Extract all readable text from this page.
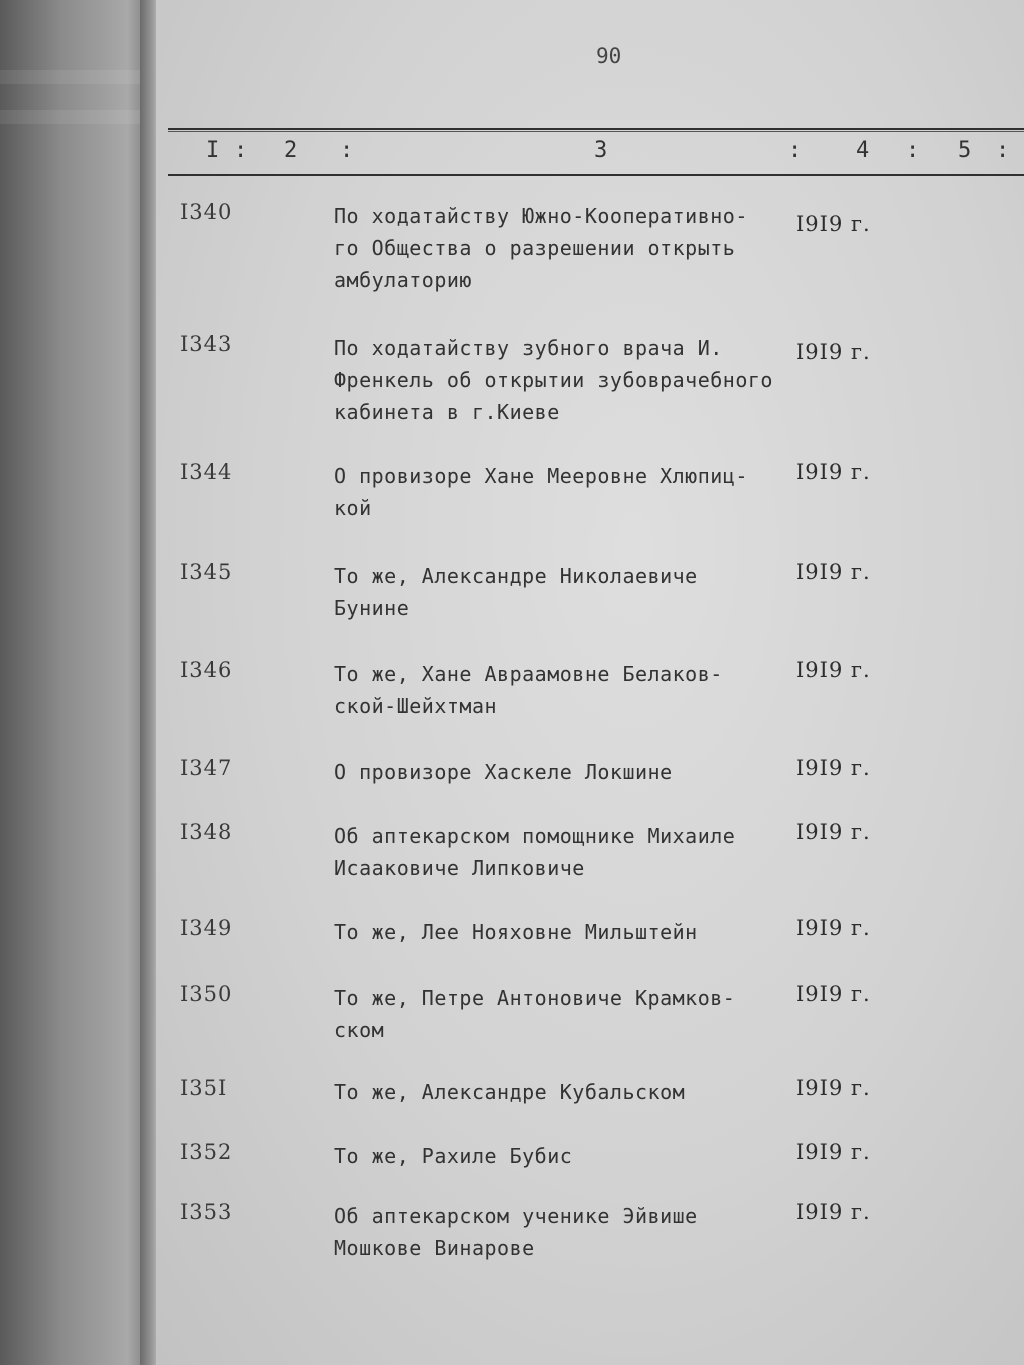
90
I : 2 :	3	: 4 : 5 :
I340	По ходатайству Южно-Кооперативно-
го Общества о разрешении открыть
амбулаторию
I9I9 г.
I343	По ходатайству зубного врача И.
Френкель об открытии зубоврачебного
кабинета в г.Киеве
I9I9 г.
I344	О провизоре Хане Мееровне Хлюпиц-
кой
I9I9 г.
I345	То же, Александре Николаевиче
Бунине
I9I9 г.
I346	То же, Хане Авраамовне Белаков-
ской-Шейхтман
I9I9 г.
I347	О провизоре Хаскеле Локшине	I9I9 г.
I348	Об аптекарском помощнике Михаиле
Исааковиче Липковиче
I9I9 г.
I349	То же, Лее Нояховне Мильштейн	I9I9 г.
I350	То же, Петре Антоновиче Крамков-
ском
I9I9 г.
I35I	То же, Александре Кубальском	I9I9 г.
I352	То же, Рахиле Бубис	I9I9 г.
I353	Об аптекарском ученике Эйвише
Мошкове Винарове
I9I9 г.
